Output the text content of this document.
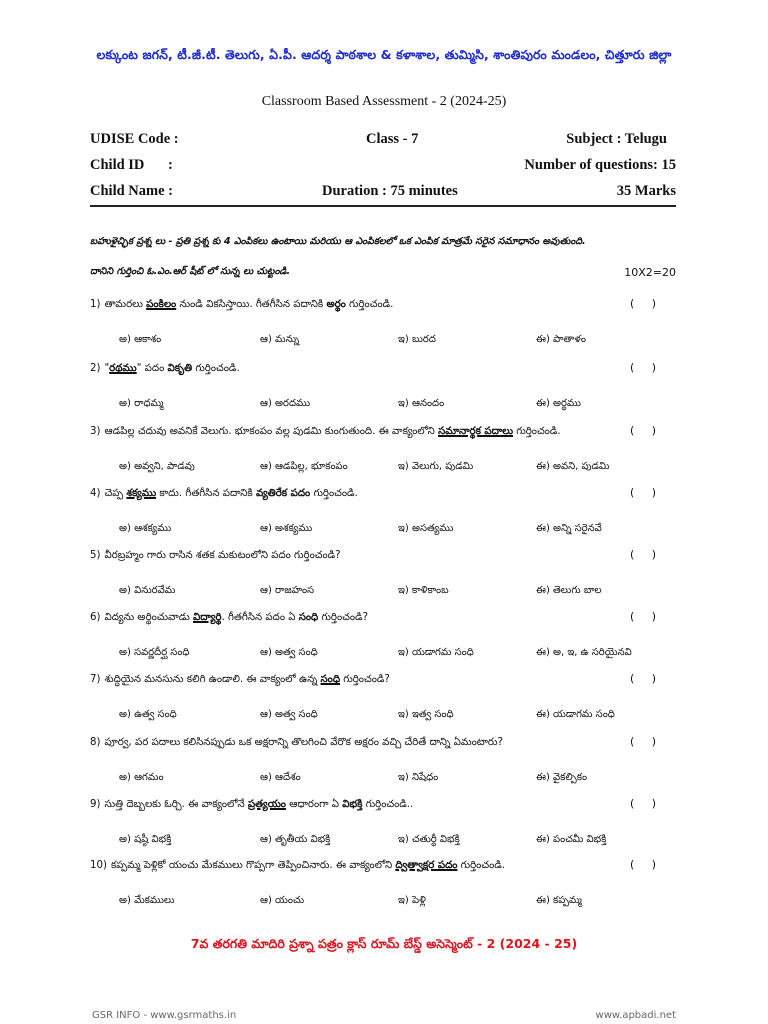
లక్కుంట జగన్, టీ.జీ.టీ. తెలుగు, ఏ.పీ. ఆదర్శ పాఠశాల & కళాశాల, తుమ్మిసి, శాంతిపురం మండలం, చిత్తూరు జిల్లా
Classroom Based Assessment - 2 (2024-25)
UDISE Code :	Class - 7	Subject : Telugu
Child ID :	Number of questions: 15
Child Name :	Duration : 75 minutes	35 Marks
బహుళైచ్ఛిక ప్రశ్న లు - ప్రతి ప్రశ్న కు 4 ఎంపికలు ఉంటాయి మరియు ఆ ఎంపికలలో ఒక ఎంపిక మాత్రమే సరైన సమాధానం అవుతుంది.
దానిని గుర్తించి ఓ.ఎం.ఆర్ షీట్ లో సున్న లు చుట్టండి.	10X2=20
1) తామరలు పంకిలం నుండి వికసిస్తాయి. గీతగీసిన పదానికి అర్థం గుర్తించండి.	(     )
అ) ఆకాశం	ఆ) మన్ను	ఇ) బురద	ఈ) పాతాళం
2) "రథము" పదం వికృతి గుర్తించండి.	(     )
అ) రాధమ్మ	ఆ) అరదము	ఇ) ఆనందం	ఈ) అర్థము
3) ఆడపిల్ల చదువు అవనికే వెలుగు. భూకంపం వల్ల పుడమి కుంగుతుంది. ఈ వాక్యంలోని సమానార్థక పదాలు గుర్తించండి.	(     )
అ) అవ్వని, పాడవు	ఆ) ఆడపిల్ల, భూకంపం	ఇ) వెలుగు, పుడమి	ఈ) అవని, పుడమి
4) చెప్ప శక్యము కాదు. గీతగీసిన పదానికి వ్యతిరేక పదం గుర్తించండి.	(     )
అ) ఆశక్యము	ఆ) అశక్యము	ఇ) అసత్యము	ఈ) అన్ని సరైనవే
5) వీరబ్రహ్మం గారు రాసిన శతక మకుటంలోని పదం గుర్తించండి?	(     )
అ) వినురవేమ	ఆ) రాజహంస	ఇ) కాళికాంబ	ఈ) తెలుగు బాల
6) విద్యను అర్థించువాడు విద్యార్థి. గీతగీసిన పదం ఏ సంధి గుర్తించండి?	(     )
అ) సవర్ణదీర్ఘ సంధి	ఆ) అత్వ సంధి	ఇ) యడాగమ సంధి	ఈ) అ, ఇ, ఉ సరియైనవి
7) శుద్ధియైన మనసును కలిగి ఉండాలి. ఈ వాక్యంలో ఉన్న సంధి గుర్తించండి?	(     )
అ) ఉత్వ సంధి	ఆ) అత్వ సంధి	ఇ) ఇత్వ సంధి	ఈ) యడాగమ సంధి
8) పూర్వ, పర పదాలు కలిసినప్పుడు ఒక అక్షరాన్ని తొలగించి వేరొక అక్షరం వచ్చి చేరితే దాన్ని ఏమంటారు?	(     )
అ) ఆగమం	ఆ) ఆదేశం	ఇ) నిషేధం	ఈ) వైకల్పికం
9) సుత్తి దెబ్బలకు ఓర్చి. ఈ వాక్యంలోనే ప్రత్యయం ఆధారంగా ఏ విభక్తి గుర్తించండి..	(     )
అ) షష్ఠీ విభక్తి	ఆ) తృతీయ విభక్తి	ఇ) చతుర్థీ విభక్తి	ఈ) పంచమీ విభక్తి
10) కప్పమ్మ పెళ్లికో యంచు మేకములు గొప్పగా తెప్పించినారు. ఈ వాక్యంలోని ద్విత్వాక్షర పదం గుర్తించండి.	(     )
అ) మేకములు	ఆ) యంచు	ఇ) పెళ్లి	ఈ) కప్పమ్మ
7వ తరగతి మాదిరి ప్రశ్నా పత్రం క్లాస్ రూమ్ బేస్డ్ అసెస్మెంట్ - 2 (2024 - 25)
GSR INFO - www.gsrmaths.in	www.apbadi.net
